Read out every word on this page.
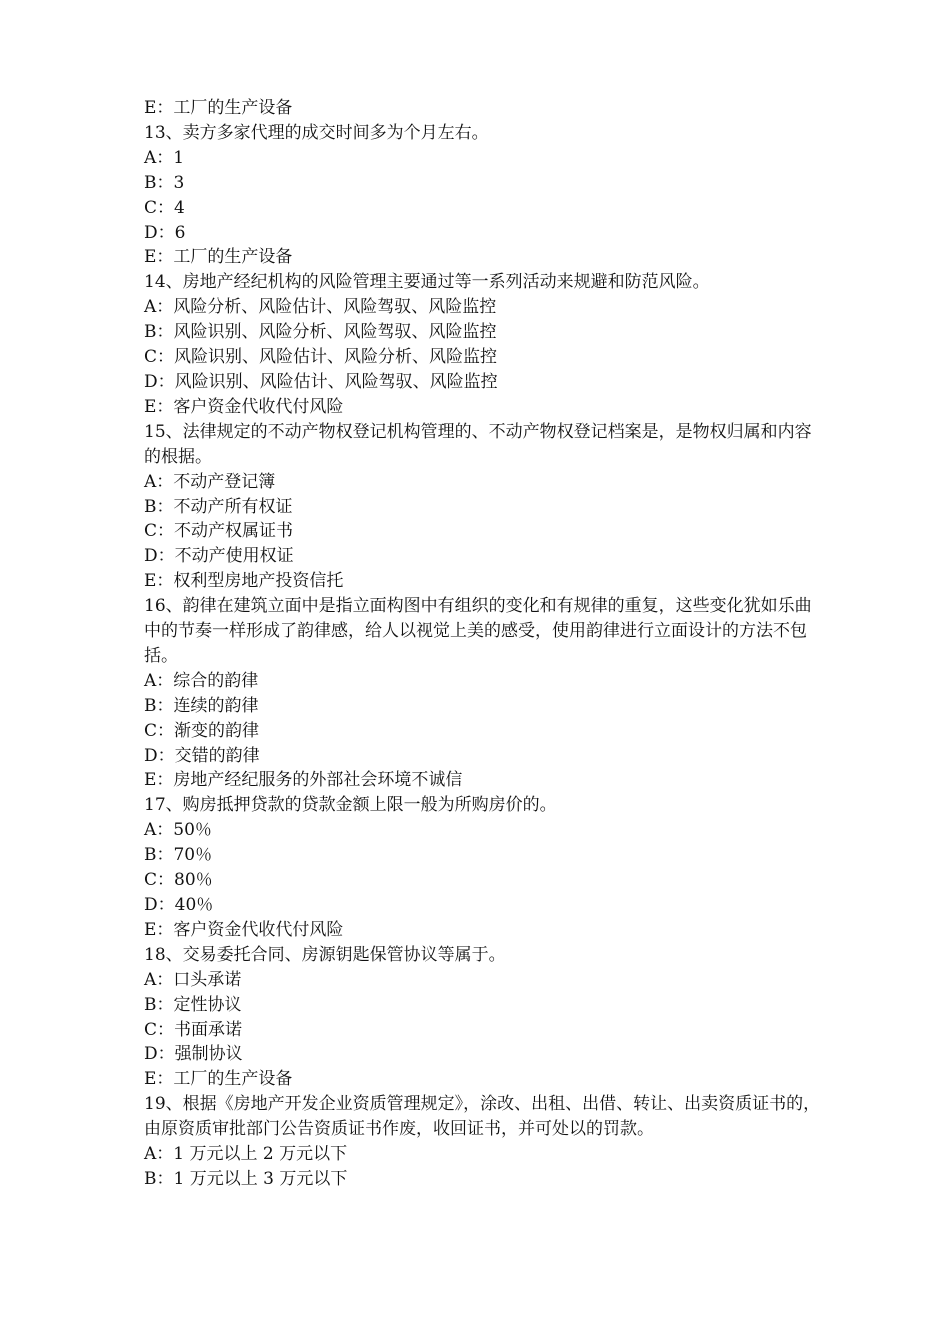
E：工厂的生产设备
13、卖方多家代理的成交时间多为个月左右。
A：1
B：3
C：4
D：6
E：工厂的生产设备
14、房地产经纪机构的风险管理主要通过等一系列活动来规避和防范风险。
A：风险分析、风险估计、风险驾驭、风险监控
B：风险识别、风险分析、风险驾驭、风险监控
C：风险识别、风险估计、风险分析、风险监控
D：风险识别、风险估计、风险驾驭、风险监控
E：客户资金代收代付风险
15、法律规定的不动产物权登记机构管理的、不动产物权登记档案是，是物权归属和内容的根据。
A：不动产登记簿
B：不动产所有权证
C：不动产权属证书
D：不动产使用权证
E：权利型房地产投资信托
16、韵律在建筑立面中是指立面构图中有组织的变化和有规律的重复，这些变化犹如乐曲中的节奏一样形成了韵律感，给人以视觉上美的感受，使用韵律进行立面设计的方法不包括。
A：综合的韵律
B：连续的韵律
C：渐变的韵律
D：交错的韵律
E：房地产经纪服务的外部社会环境不诚信
17、购房抵押贷款的贷款金额上限一般为所购房价的。
A：50％
B：70％
C：80％
D：40％
E：客户资金代收代付风险
18、交易委托合同、房源钥匙保管协议等属于。
A：口头承诺
B：定性协议
C：书面承诺
D：强制协议
E：工厂的生产设备
19、根据《房地产开发企业资质管理规定》，涂改、出租、出借、转让、出卖资质证书的，由原资质审批部门公告资质证书作废，收回证书，并可处以的罚款。
A：1 万元以上 2 万元以下
B：1 万元以上 3 万元以下
